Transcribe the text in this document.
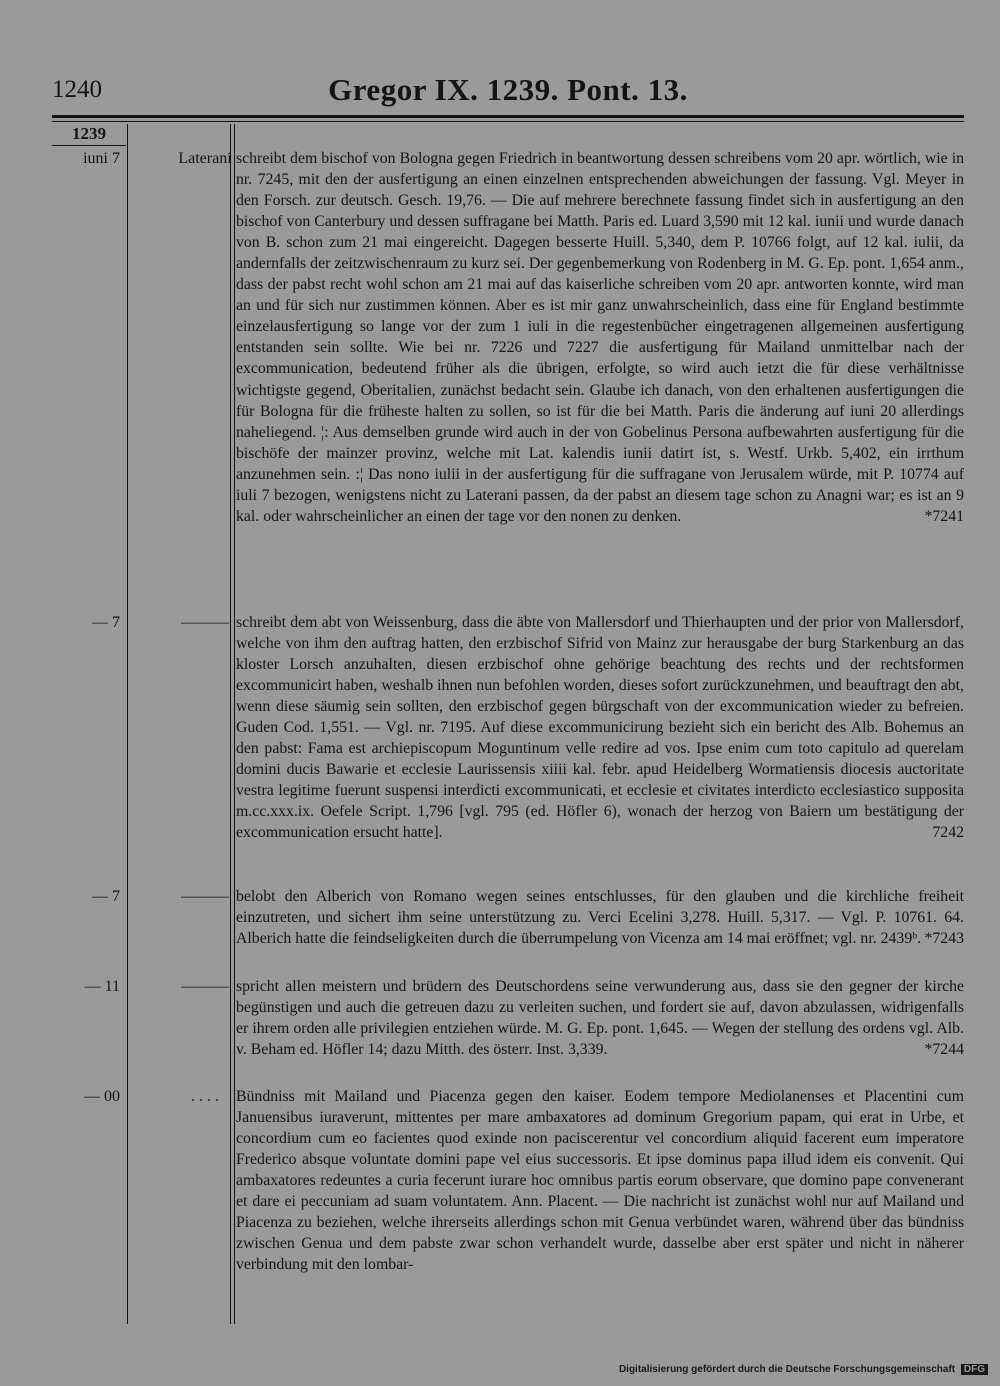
1240	Gregor IX. 1239. Pont. 13.
1239
iuni 7	Laterani schreibt dem bischof von Bologna gegen Friedrich in beantwortung dessen schreibens vom 20 apr. wörtlich, wie in nr. 7245, mit den der ausfertigung an einen einzelnen entsprechenden abweichungen der fassung. Vgl. Meyer in den Forsch. zur deutsch. Gesch. 19,76. — Die auf mehrere berechnete fassung findet sich in ausfertigung an den bischof von Canterbury und dessen suffragane bei Matth. Paris ed. Luard 3,590 mit 12 kal. iunii und wurde danach von B. schon zum 21 mai eingereicht. Dagegen besserte Huill. 5,340, dem P. 10766 folgt, auf 12 kal. iulii, da andernfalls der zeitzwischenraum zu kurz sei. Der gegenbemerkung von Rodenberg in M. G. Ep. pont. 1,654 anm., dass der pabst recht wohl schon am 21 mai auf das kaiserliche schreiben vom 20 apr. antworten konnte, wird man an und für sich nur zustimmen können. Aber es ist mir ganz unwahrscheinlich, dass eine für England bestimmte einzelausfertigung so lange vor der zum 1 iuli in die regestenbücher eingetragenen allgemeinen ausfertigung entstanden sein sollte. Wie bei nr. 7226 und 7227 die ausfertigung für Mailand unmittelbar nach der excommunication, bedeutend früher als die übrigen, erfolgte, so wird auch ietzt die für diese verhältnisse wichtigste gegend, Oberitalien, zunächst bedacht sein. Glaube ich danach, von den erhaltenen ausfertigungen die für Bologna für die früheste halten zu sollen, so ist für die bei Matth. Paris die änderung auf iuni 20 allerdings naheliegend. ¦: Aus demselben grunde wird auch in der von Gobelinus Persona aufbewahrten ausfertigung für die bischöfe der mainzer provinz, welche mit Lat. kalendis iunii datirt ist, s. Westf. Urkb. 5,402, ein irrthum anzunehmen sein. :¦ Das nono iulii in der ausfertigung für die suffragane von Jerusalem würde, mit P. 10774 auf iuli 7 bezogen, wenigstens nicht zu Laterani passen, da der pabst an diesem tage schon zu Anagni war; es ist an 9 kal. oder wahrscheinlicher an einen der tage vor den nonen zu denken.	*7241

— 7	——— schreibt dem abt von Weissenburg, dass die äbte von Mallersdorf und Thierhaupten und der prior von Mallersdorf, welche von ihm den auftrag hatten, den erzbischof Sifrid von Mainz zur herausgabe der burg Starkenburg an das kloster Lorsch anzuhalten, diesen erzbischof ohne gehörige beachtung des rechts und der rechtsformen excommunicirt haben, weshalb ihnen nun befohlen worden, dieses sofort zurückzunehmen, und beauftragt den abt, wenn diese säumig sein sollten, den erzbischof gegen bürgschaft von der excommunication wieder zu befreien. Guden Cod. 1,551. — Vgl. nr. 7195. Auf diese excommunicirung bezieht sich ein bericht des Alb. Bohemus an den pabst: Fama est archiepiscopum Moguntinum velle redire ad vos. Ipse enim cum toto capitulo ad querelam domini ducis Bawarie et ecclesie Laurissensis xiiii kal. febr. apud Heidelberg Wormatiensis diocesis auctoritate vestra legitime fuerunt suspensi interdicti excommunicati, et ecclesie et civitates interdicto ecclesiastico supposita m.cc.xxx.ix. Oefele Script. 1,796 [vgl. 795 (ed. Höfler 6), wonach der herzog von Baiern um bestätigung der excommunication ersucht hatte].	7242

— 7	——— belobt den Alberich von Romano wegen seines entschlusses, für den glauben und die kirchliche freiheit einzutreten, und sichert ihm seine unterstützung zu. Verci Ecelini 3,278. Huill. 5,317. — Vgl. P. 10761. 64. Alberich hatte die feindseligkeiten durch die überrumpelung von Vicenza am 14 mai eröffnet; vgl. nr. 2439ᵇ. *7243

— 11	——— spricht allen meistern und brüdern des Deutschordens seine verwunderung aus, dass sie den gegner der kirche begünstigen und auch die getreuen dazu zu verleiten suchen, und fordert sie auf, davon abzulassen, widrigenfalls er ihrem orden alle privilegien entziehen würde. M. G. Ep. pont. 1,645. — Wegen der stellung des ordens vgl. Alb. v. Beham ed. Höfler 14; dazu Mitth. des österr. Inst. 3,339.	*7244

— 00	. . . .	Bündniss mit Mailand und Piacenza gegen den kaiser. Eodem tempore Mediolanenses et Placentini cum Januensibus iuraverunt, mittentes per mare ambaxatores ad dominum Gregorium papam, qui erat in Urbe, et concordium cum eo facientes quod exinde non paciscerentur vel concordium aliquid facerent eum imperatore Frederico absque voluntate domini pape vel eius successoris. Et ipse dominus papa illud idem eis convenit. Qui ambaxatores redeuntes a curia fecerunt iurare hoc omnibus partis eorum observare, que domino pape convenerant et dare ei peccuniam ad suam voluntatem. Ann. Placent. — Die nachricht ist zunächst wohl nur auf Mailand und Piacenza zu beziehen, welche ihrerseits allerdings schon mit Genua verbündet waren, während über das bündniss zwischen Genua und dem pabste zwar schon verhandelt wurde, dasselbe aber erst später und nicht in näherer verbindung mit den lombar-

Digitalisierung gefördert durch die Deutsche Forschungsgemeinschaft DFG
